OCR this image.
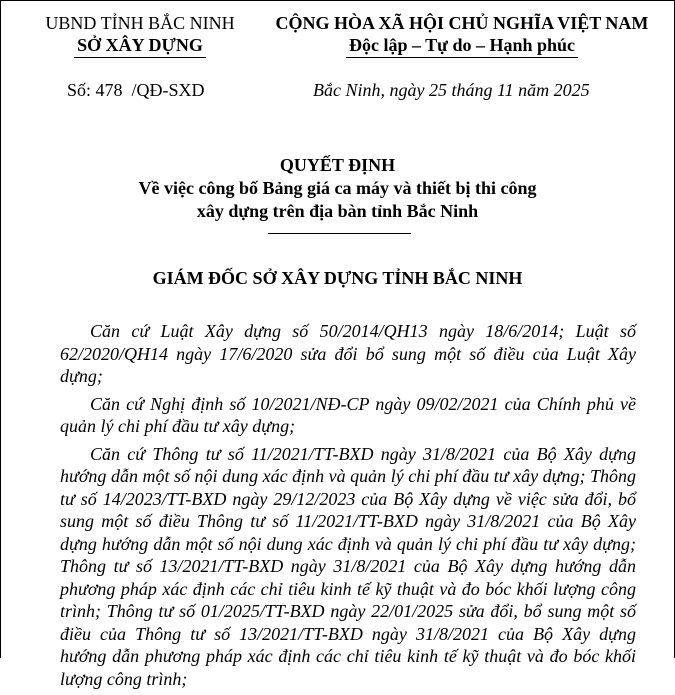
UBND TỈNH BẮC NINH
SỞ XÂY DỰNG
CỘNG HÒA XÃ HỘI CHỦ NGHĨA VIỆT NAM
Độc lập – Tự do – Hạnh phúc
Số: 478  /QĐ-SXD	Bắc Ninh, ngày 25 tháng 11 năm 2025
QUYẾT ĐỊNH
Về việc công bố Bảng giá ca máy và thiết bị thi công
xây dựng trên địa bàn tỉnh Bắc Ninh
GIÁM ĐỐC SỞ XÂY DỰNG TỈNH BẮC NINH

Căn cứ Luật Xây dựng số 50/2014/QH13 ngày 18/6/2014; Luật số 62/2020/QH14 ngày 17/6/2020 sửa đổi bổ sung một số điều của Luật Xây dựng;

Căn cứ Nghị định số 10/2021/NĐ-CP ngày 09/02/2021 của Chính phủ về quản lý chi phí đầu tư xây dựng;

Căn cứ Thông tư số 11/2021/TT-BXD ngày 31/8/2021 của Bộ Xây dựng hướng dẫn một số nội dung xác định và quản lý chi phí đầu tư xây dựng; Thông tư số 14/2023/TT-BXD ngày 29/12/2023 của Bộ Xây dựng về việc sửa đổi, bổ sung một số điều Thông tư số 11/2021/TT-BXD ngày 31/8/2021 của Bộ Xây dựng hướng dẫn một số nội dung xác định và quản lý chi phí đầu tư xây dựng; Thông tư số 13/2021/TT-BXD ngày 31/8/2021 của Bộ Xây dựng hướng dẫn phương pháp xác định các chỉ tiêu kinh tế kỹ thuật và đo bóc khối lượng công trình; Thông tư số 01/2025/TT-BXD ngày 22/01/2025 sửa đổi, bổ sung một số điều của Thông tư số 13/2021/TT-BXD ngày 31/8/2021 của Bộ Xây dựng hướng dẫn phương pháp xác định các chỉ tiêu kinh tế kỹ thuật và đo bóc khối lượng công trình;
